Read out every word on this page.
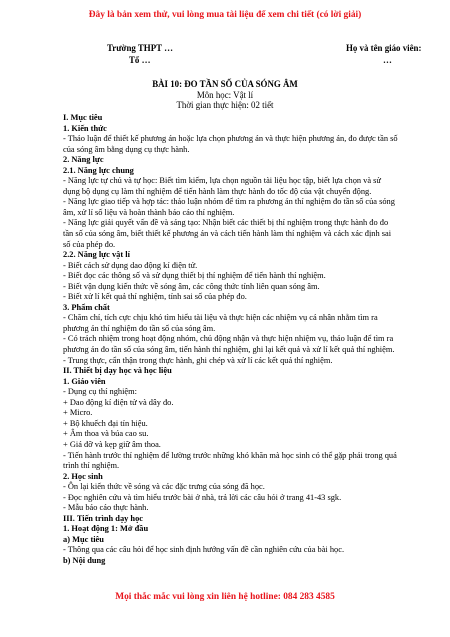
Đây là bản xem thử, vui lòng mua tài liệu để xem chi tiết (có lời giải)
Trường THPT …
Tổ …
Họ và tên giáo viên:
…
BÀI 10: ĐO TẦN SỐ CỦA SÓNG ÂM
Môn học: Vật lí
Thời gian thực hiện: 02 tiết

I. Mục tiêu

1. Kiến thức

- Thảo luận để thiết kế phương án hoặc lựa chọn phương án và thực hiện phương án, đo được tần số của sóng âm bằng dụng cụ thực hành.

2. Năng lực

2.1. Năng lực chung

- Năng lực tự chủ và tự học: Biết tìm kiếm, lựa chọn nguồn tài liệu học tập, biết lựa chọn và sử dụng bộ dụng cụ làm thí nghiệm để tiến hành làm thực hành đo tốc độ của vật chuyển động.

- Năng lực giao tiếp và hợp tác: thảo luận nhóm để tìm ra phương án thí nghiệm đo tần số của sóng âm, xử lí số liệu và hoàn thành báo cáo thí nghiệm.

- Năng lực giải quyết vấn đề và sáng tạo: Nhận biết các thiết bị thí nghiệm trong thực hành đo đo tần số của sóng âm, biết thiết kế phương án và cách tiến hành làm thí nghiệm và cách xác định sai số của phép đo.

2.2. Năng lực vật lí

- Biết cách sử dụng dao động kí điện tử.

- Biết đọc các thông số và sử dụng thiết bị thí nghiệm để tiến hành thí nghiệm.

- Biết vận dụng kiến thức về sóng âm, các công thức tính liên quan sóng âm.

- Biết xử lí kết quả thí nghiệm, tính sai số của phép đo.

3. Phẩm chất

- Chăm chỉ, tích cực chịu khó tìm hiểu tài liệu và thực hiện các nhiệm vụ cá nhân nhằm tìm ra phương án thí nghiệm đo tần số của sóng âm.

- Có trách nhiệm trong hoạt động nhóm, chủ động nhận và thực hiện nhiệm vụ, thảo luận để tìm ra phương án đo tần số của sóng âm, tiến hành thí nghiệm, ghi lại kết quả và xử lí kết quả thí nghiệm.

- Trung thực, cẩn thận trong thực hành, ghi chép và xử lí các kết quả thí nghiệm.

II. Thiết bị dạy học và học liệu

1. Giáo viên

- Dụng cụ thí nghiệm:

+ Dao động kí điện tử và dây đo.

+ Micro.

+ Bộ khuếch đại tín hiệu.

+ Âm thoa và búa cao su.

+ Giá đỡ và kẹp giữ âm thoa.

- Tiến hành trước thí nghiệm để lường trước những khó khăn mà học sinh có thể gặp phải trong quá trình thí nghiệm.

2. Học sinh

- Ôn lại kiến thức về sóng và các đặc trưng của sóng đã học.

- Đọc nghiên cứu và tìm hiểu trước bài ở nhà, trả lời các câu hỏi ở trang 41-43 sgk.

- Mẫu báo cáo thực hành.

III. Tiến trình dạy học

1. Hoạt động 1: Mở đầu

a) Mục tiêu

- Thông qua các câu hỏi để học sinh định hướng vấn đề cần nghiên cứu của bài học.

b) Nội dung

Mọi thắc mắc vui lòng xin liên hệ hotline: 084 283 4585
